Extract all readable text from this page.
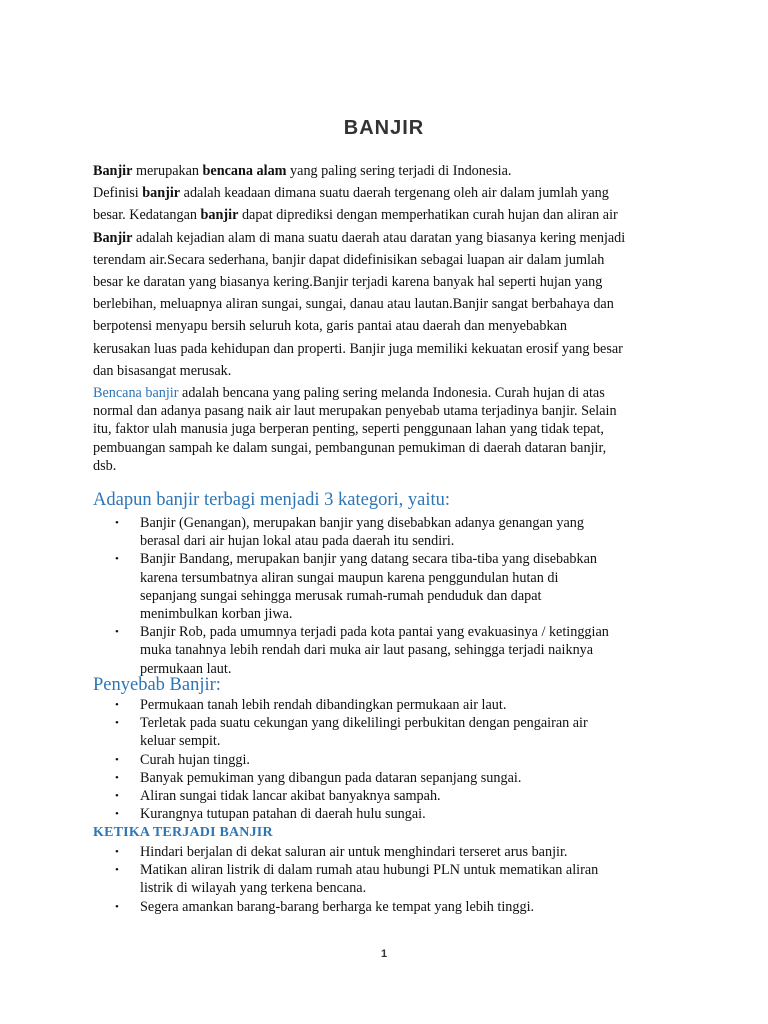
BANJIR
Banjir merupakan bencana alam yang paling sering terjadi di Indonesia.
Definisi banjir adalah keadaan dimana suatu daerah tergenang oleh air dalam jumlah yang
besar. Kedatangan banjir dapat diprediksi dengan memperhatikan curah hujan dan aliran air
Banjir adalah kejadian alam di mana suatu daerah atau daratan yang biasanya kering menjadi
terendam air.Secara sederhana, banjir dapat didefinisikan sebagai luapan air dalam jumlah
besar ke daratan yang biasanya kering.Banjir terjadi karena banyak hal seperti hujan yang
berlebihan, meluapnya aliran sungai, sungai, danau atau lautan.Banjir sangat berbahaya dan
berpotensi menyapu bersih seluruh kota, garis pantai atau daerah dan menyebabkan
kerusakan luas pada kehidupan dan properti. Banjir juga memiliki kekuatan erosif yang besar
dan bisasangat merusak.
Bencana banjir adalah bencana yang paling sering melanda Indonesia. Curah hujan di atas
normal dan adanya pasang naik air laut merupakan penyebab utama terjadinya banjir. Selain
itu, faktor ulah manusia juga berperan penting, seperti penggunaan lahan yang tidak tepat,
pembuangan sampah ke dalam sungai, pembangunan pemukiman di daerah dataran banjir,
dsb.
Adapun banjir terbagi menjadi 3 kategori, yaitu:
• Banjir (Genangan), merupakan banjir yang disebabkan adanya genangan yang
berasal dari air hujan lokal atau pada daerah itu sendiri.
• Banjir Bandang, merupakan banjir yang datang secara tiba-tiba yang disebabkan
karena tersumbatnya aliran sungai maupun karena penggundulan hutan di
sepanjang sungai sehingga merusak rumah-rumah penduduk dan dapat
menimbulkan korban jiwa.
• Banjir Rob, pada umumnya terjadi pada kota pantai yang evakuasinya / ketinggian
muka tanahnya lebih rendah dari muka air laut pasang, sehingga terjadi naiknya
permukaan laut.
Penyebab Banjir:
• Permukaan tanah lebih rendah dibandingkan permukaan air laut.
• Terletak pada suatu cekungan yang dikelilingi perbukitan dengan pengairan air
keluar sempit.
• Curah hujan tinggi.
• Banyak pemukiman yang dibangun pada dataran sepanjang sungai.
• Aliran sungai tidak lancar akibat banyaknya sampah.
• Kurangnya tutupan patahan di daerah hulu sungai.
KETIKA TERJADI BANJIR
• Hindari berjalan di dekat saluran air untuk menghindari terseret arus banjir.
• Matikan aliran listrik di dalam rumah atau hubungi PLN untuk mematikan aliran
listrik di wilayah yang terkena bencana.
• Segera amankan barang-barang berharga ke tempat yang lebih tinggi.
1
